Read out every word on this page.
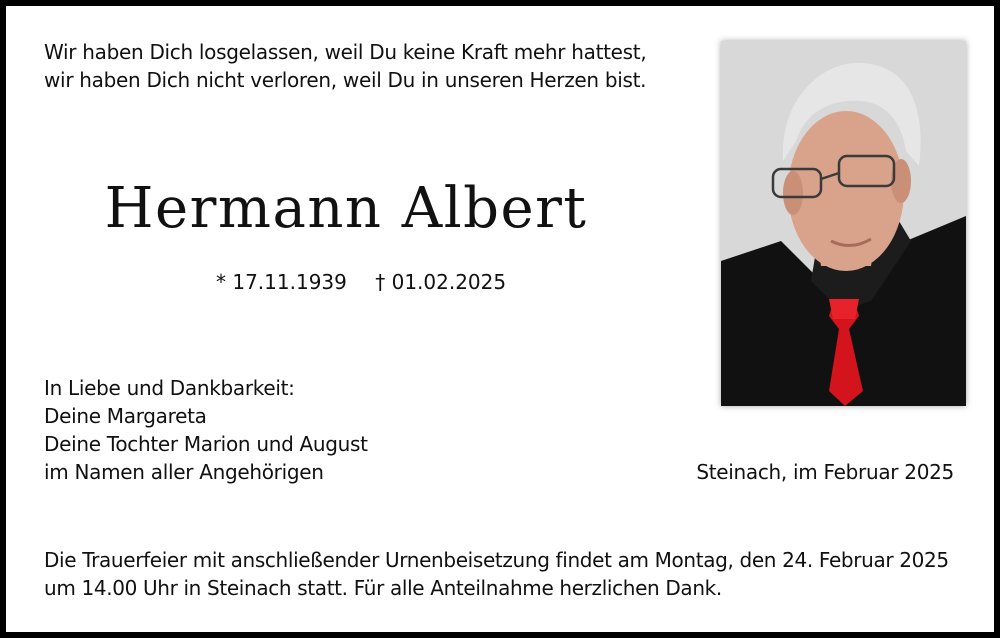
Wir haben Dich losgelassen, weil Du keine Kraft mehr hattest,
wir haben Dich nicht verloren, weil Du in unseren Herzen bist.
Hermann Albert
* 17.11.1939 † 01.02.2025
In Liebe und Dankbarkeit:
Deine Margareta
Deine Tochter Marion und August
im Namen aller Angehörigen	Steinach, im Februar 2025
Die Trauerfeier mit anschließender Urnenbeisetzung findet am Montag, den 24. Februar 2025
um 14.00 Uhr in Steinach statt. Für alle Anteilnahme herzlichen Dank.
